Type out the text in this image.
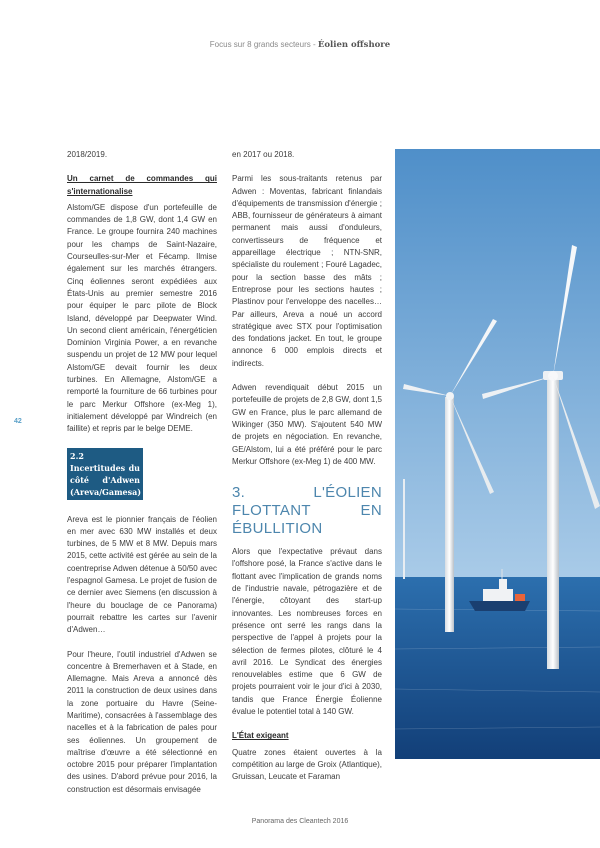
Focus sur 8 grands secteurs - Éolien offshore
42

2018/2019.

Un carnet de commandes qui s'internationalise

Alstom/GE dispose d'un portefeuille de commandes de 1,8 GW, dont 1,4 GW en France. Le groupe fournira 240 machines pour les champs de Saint-Nazaire, Courseulles-sur-Mer et Fécamp. Ilmise également sur les marchés étrangers. Cinq éoliennes seront expédiées aux États-Unis au premier semestre 2016 pour équiper le parc pilote de Block Island, développé par Deepwater Wind. Un second client américain, l'énergéticien Dominion Virginia Power, a en revanche suspendu un projet de 12 MW pour lequel Alstom/GE devait fournir les deux turbines. En Allemagne, Alstom/GE a remporté la fourniture de 66 turbines pour le parc Merkur Offshore (ex-Meg 1), initialement développé par Windreich (en faillite) et repris par le belge DEME.

2.2 Incertitudes du côté d'Adwen (Areva/Gamesa)

Areva est le pionnier français de l'éolien en mer avec 630 MW installés et deux turbines, de 5 MW et 8 MW. Depuis mars 2015, cette activité est gérée au sein de la coentreprise Adwen détenue à 50/50 avec l'espagnol Gamesa. Le projet de fusion de ce dernier avec Siemens (en discussion à l'heure du bouclage de ce Panorama) pourrait rebattre les cartes sur l'avenir d'Adwen…

Pour l'heure, l'outil industriel d'Adwen se concentre à Bremerhaven et à Stade, en Allemagne. Mais Areva a annoncé dès 2011 la construction de deux usines dans la zone portuaire du Havre (Seine-Maritime), consacrées à l'assemblage des nacelles et à la fabrication de pales pour ses éoliennes. Un groupement de maîtrise d'œuvre a été sélectionné en octobre 2015 pour préparer l'implantation des usines. D'abord prévue pour 2016, la construction est désormais envisagée

en 2017 ou 2018.

Parmi les sous-traitants retenus par Adwen : Moventas, fabricant finlandais d'équipements de transmission d'énergie ; ABB, fournisseur de générateurs à aimant permanent mais aussi d'onduleurs, convertisseurs de fréquence et appareillage électrique ; NTN-SNR, spécialiste du roulement ; Fouré Lagadec, pour la section basse des mâts ; Entreprose pour les sections hautes ; Plastinov pour l'enveloppe des nacelles… Par ailleurs, Areva a noué un accord stratégique avec STX pour l'optimisation des fondations jacket. En tout, le groupe annonce 6 000 emplois directs et indirects.

Adwen revendiquait début 2015 un portefeuille de projets de 2,8 GW, dont 1,5 GW en France, plus le parc allemand de Wikinger (350 MW). S'ajoutent 540 MW de projets en négociation. En revanche, GE/Alstom, lui a été préféré pour le parc Merkur Offshore (ex-Meg 1) de 400 MW.

3. L'ÉOLIEN FLOTTANT EN ÉBULLITION

Alors que l'expectative prévaut dans l'offshore posé, la France s'active dans le flottant avec l'implication de grands noms de l'industrie navale, pétrogazière et de l'énergie, côtoyant des start-up innovantes. Les nombreuses forces en présence ont serré les rangs dans la perspective de l'appel à projets pour la sélection de fermes pilotes, clôturé le 4 avril 2016. Le Syndicat des énergies renouvelables estime que 6 GW de projets pourraient voir le jour d'ici à 2030, tandis que France Énergie Éolienne évalue le potentiel total à 140 GW.

L'État exigeant

Quatre zones étaient ouvertes à la compétition au large de Groix (Atlantique), Gruissan, Leucate et Faraman

Panorama des Cleantech 2016
